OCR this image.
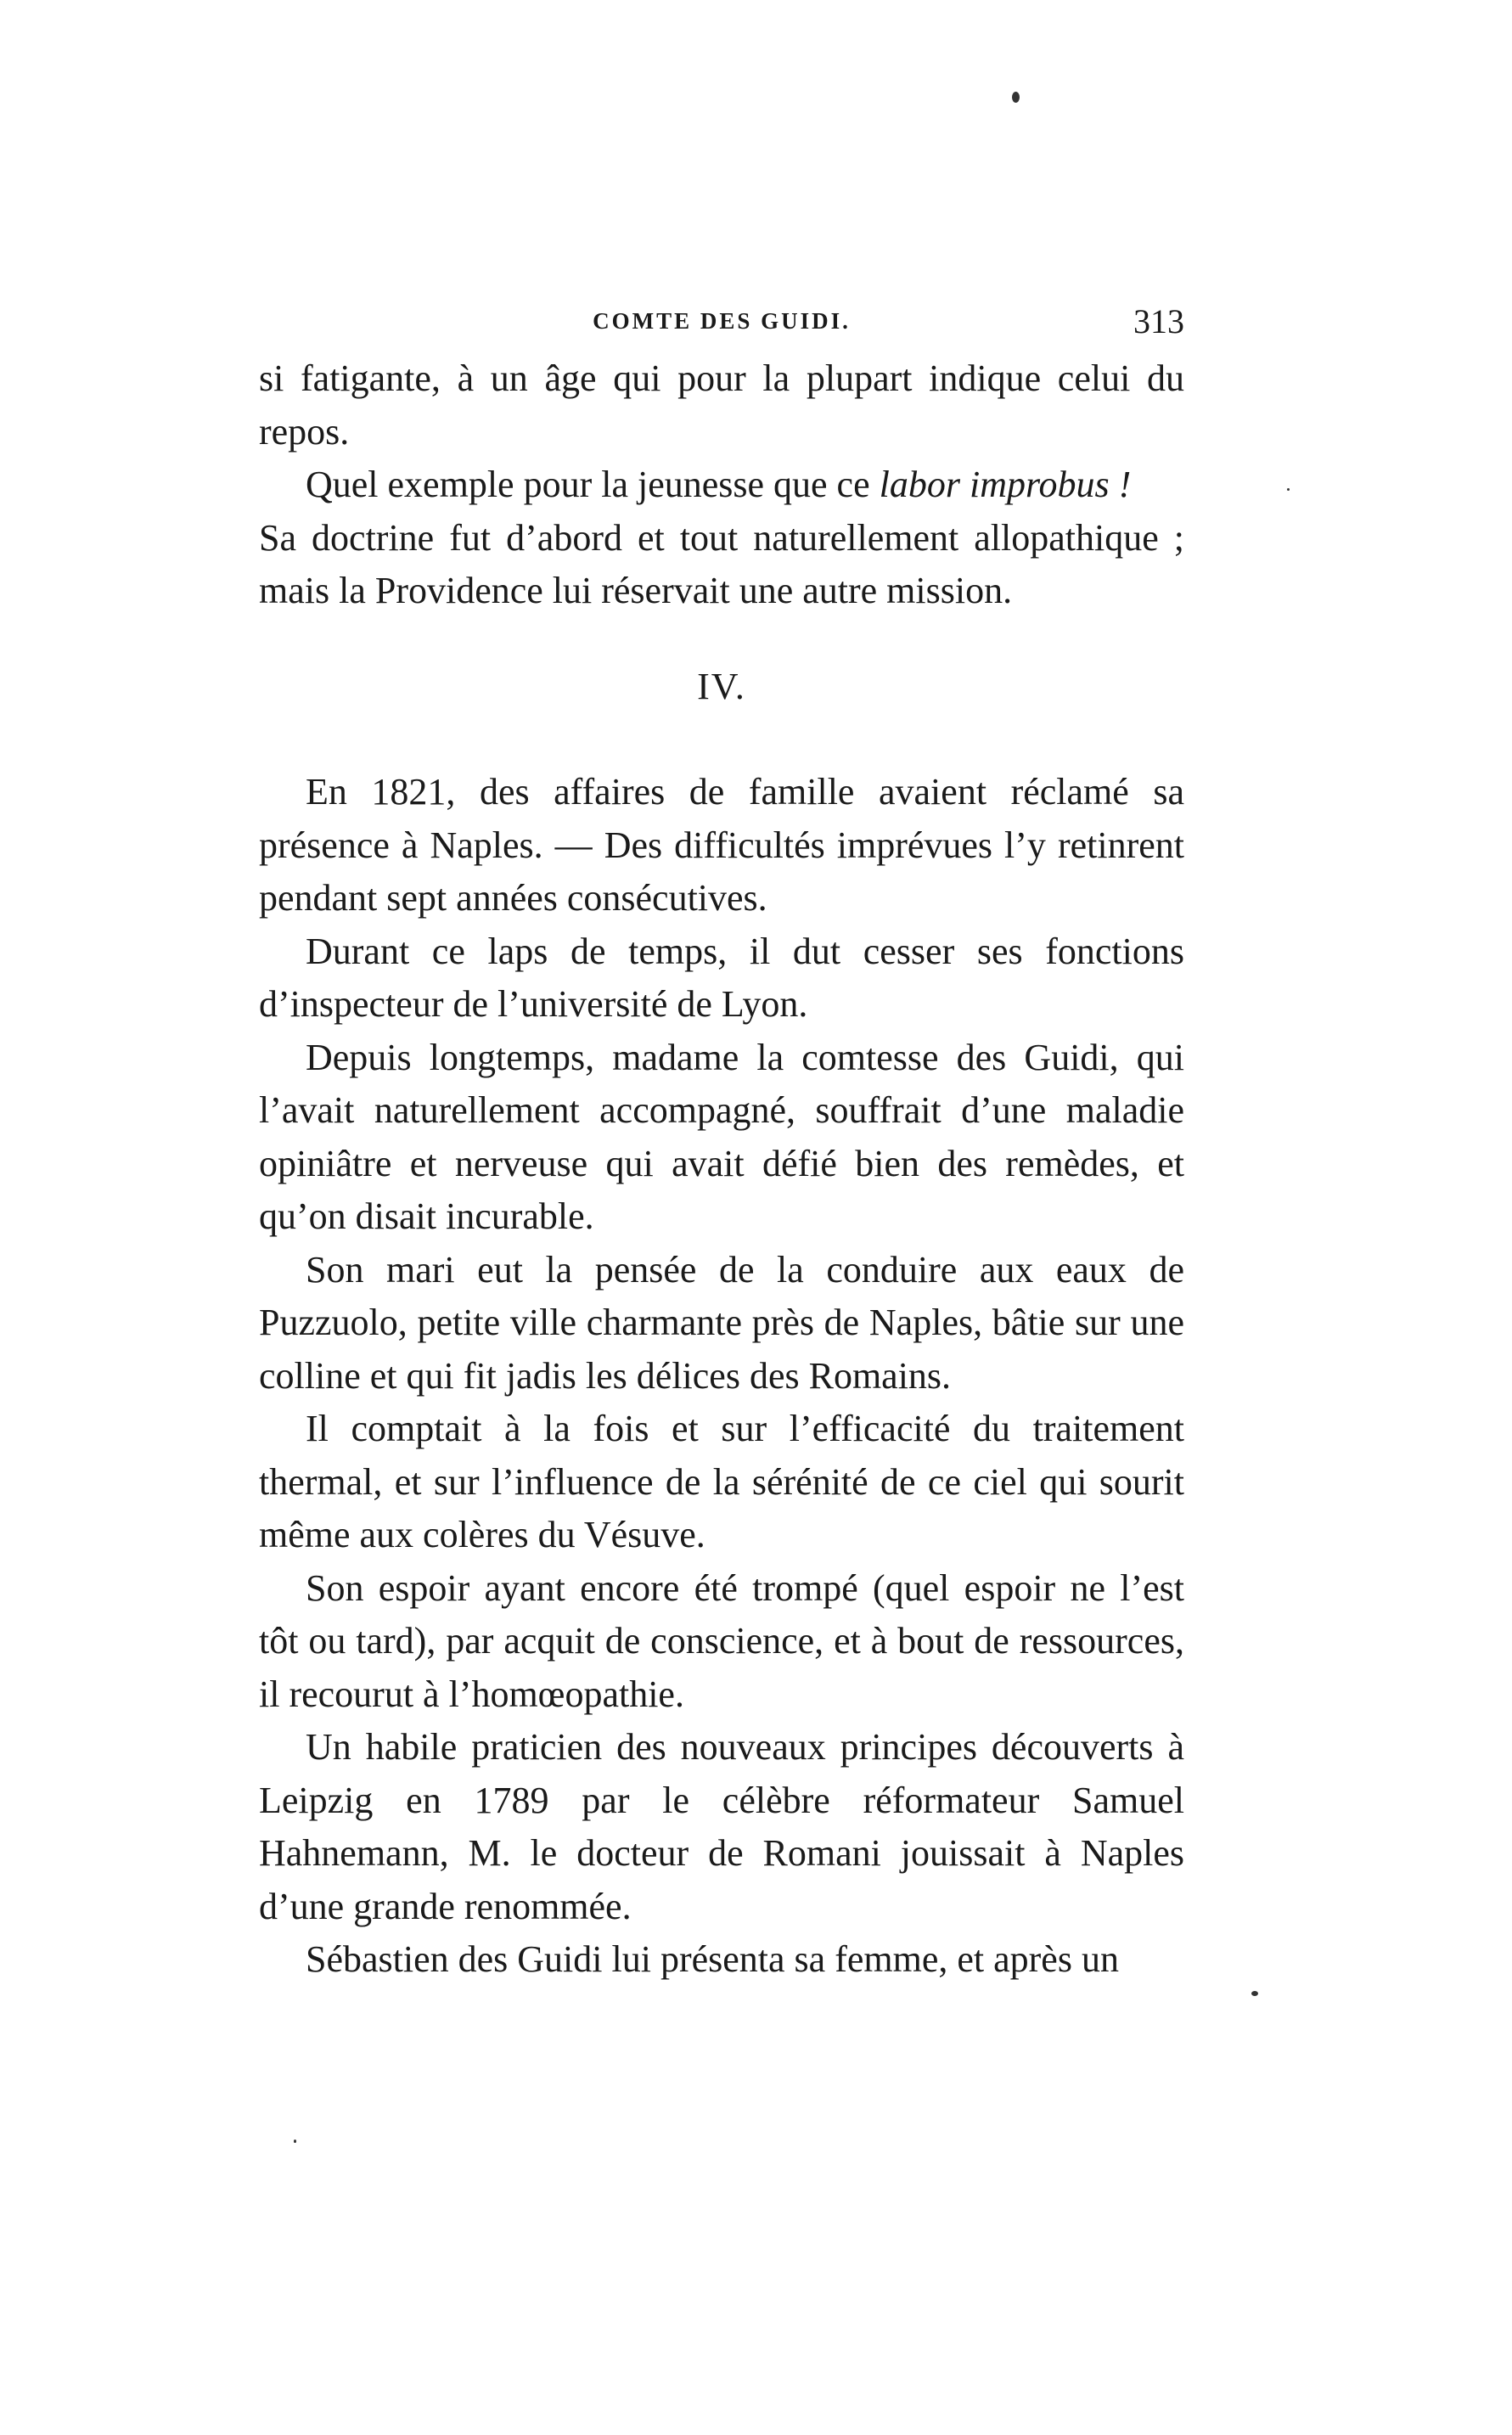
COMTE DES GUIDI.	313

si fatigante, à un âge qui pour la plupart indique celui du repos.

Quel exemple pour la jeunesse que ce labor improbus !

Sa doctrine fut d’abord et tout naturellement allopathique ; mais la Providence lui réservait une autre mission.

IV.

En 1821, des affaires de famille avaient réclamé sa présence à Naples. — Des difficultés imprévues l’y retinrent pendant sept années consécutives.

Durant ce laps de temps, il dut cesser ses fonctions d’inspecteur de l’université de Lyon.

Depuis longtemps, madame la comtesse des Guidi, qui l’avait naturellement accompagné, souffrait d’une maladie opiniâtre et nerveuse qui avait défié bien des remèdes, et qu’on disait incurable.

Son mari eut la pensée de la conduire aux eaux de Puzzuolo, petite ville charmante près de Naples, bâtie sur une colline et qui fit jadis les délices des Romains.

Il comptait à la fois et sur l’efficacité du traitement thermal, et sur l’influence de la sérénité de ce ciel qui sourit même aux colères du Vésuve.

Son espoir ayant encore été trompé (quel espoir ne l’est tôt ou tard), par acquit de conscience, et à bout de ressources, il recourut à l’homœopathie.

Un habile praticien des nouveaux principes découverts à Leipzig en 1789 par le célèbre réformateur Samuel Hahnemann, M. le docteur de Romani jouissait à Naples d’une grande renommée.

Sébastien des Guidi lui présenta sa femme, et après un
